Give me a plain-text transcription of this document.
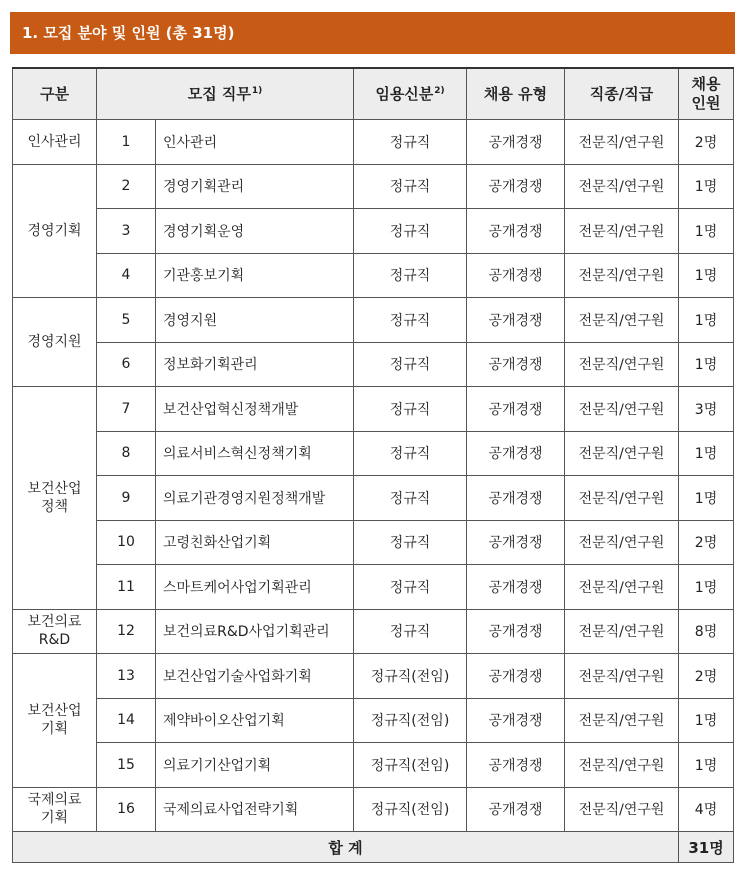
1. 모집 분야 및 인원 (총 31명)
구분	모집 직무$^{1)}$		임용신분$^{2)}$	채용 유형	직종/직급	채용
인원

인사관리	1	인사관리	정규직	공개경쟁	전문직/연구원	2명

경영기획	2	경영기획관리	정규직	공개경쟁	전문직/연구원	1명
	3	경영기획운영	정규직	공개경쟁	전문직/연구원	1명
	4	기관홍보기획	정규직	공개경쟁	전문직/연구원	1명

경영지원	5	경영지원	정규직	공개경쟁	전문직/연구원	1명
	6	정보화기획관리	정규직	공개경쟁	전문직/연구원	1명

보건산업
정책	7	보건산업혁신정책개발	정규직	공개경쟁	전문직/연구원	3명
	8	의료서비스혁신정책기획	정규직	공개경쟁	전문직/연구원	1명
	9	의료기관경영지원정책개발	정규직	공개경쟁	전문직/연구원	1명
	10	고령친화산업기획	정규직	공개경쟁	전문직/연구원	2명
	11	스마트케어사업기획관리	정규직	공개경쟁	전문직/연구원	1명

보건의료
R&D	12	보건의료R&D사업기획관리	정규직	공개경쟁	전문직/연구원	8명

보건산업
기획	13	보건산업기술사업화기획	정규직(전임)	공개경쟁	전문직/연구원	2명
	14	제약바이오산업기획	정규직(전임)	공개경쟁	전문직/연구원	1명
	15	의료기기산업기획	정규직(전임)	공개경쟁	전문직/연구원	1명

국제의료
기획	16	국제의료사업전략기획	정규직(전임)	공개경쟁	전문직/연구원	4명
합 계						31명
